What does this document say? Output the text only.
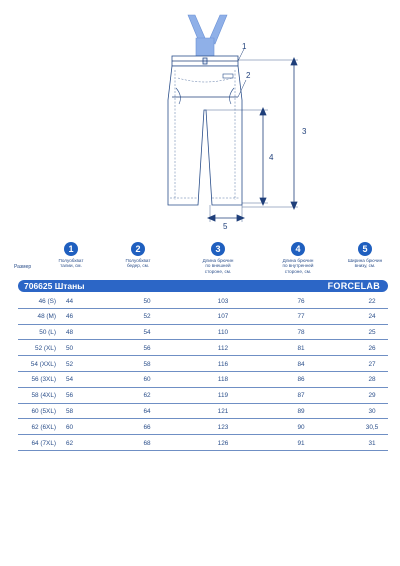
1
2
3
4
5
Размер
1
Полуобхват
талии, см.
2
Полуобхват
бедер, см.
3
Длина брючин
по внешней
стороне, см.
4
Длина брючин
по внутренней
стороне, см.
5
Ширина брючин
внизу, см.
706625 Штаны	FORCELAB
46 (S) 44	50	103	76	22
48 (M) 46	52	107	77	24
50 (L) 48	54	110	78	25
52 (XL) 50	56	112	81	26
54 (XXL) 52	58	116	84	27
56 (3XL) 54	60	118	86	28
58 (4XL) 56	62	119	87	29
60 (5XL) 58	64	121	89	30
62 (6XL) 60	66	123	90	30,5
64 (7XL) 62	68	126	91	31
